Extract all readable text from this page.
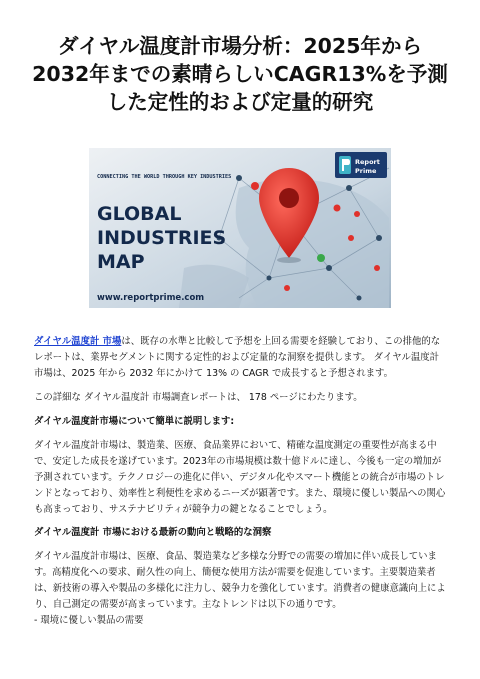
ダイヤル温度計市場分析：2025年から2032年までの素晴らしいCAGR13%を予測した定性的および定量的研究
Report
Prime
CONNECTING THE WORLD THROUGH KEY INDUSTRIES
GLOBAL
INDUSTRIES
MAP
www.reportprime.com

ダイヤル温度計 市場は、既存の水準と比較して予想を上回る需要を経験しており、この排他的なレポートは、業界セグメントに関する定性的および定量的な洞察を提供します。 ダイヤル温度計 市場は、2025 年から 2032 年にかけて 13% の CAGR で成長すると予想されます。

この詳細な ダイヤル温度計 市場調査レポートは、 178 ページにわたります。

ダイヤル温度計市場について簡単に説明します:

ダイヤル温度計市場は、製造業、医療、食品業界において、精確な温度測定の重要性が高まる中で、安定した成長を遂げています。2023年の市場規模は数十億ドルに達し、今後も一定の増加が予測されています。テクノロジーの進化に伴い、デジタル化やスマート機能との統合が市場のトレンドとなっており、効率性と利便性を求めるニーズが顕著です。また、環境に優しい製品への関心も高まっており、サステナビリティが競争力の鍵となることでしょう。

ダイヤル温度計 市場における最新の動向と戦略的な洞察

ダイヤル温度計市場は、医療、食品、製造業など多様な分野での需要の増加に伴い成長しています。高精度化への要求、耐久性の向上、簡便な使用方法が需要を促進しています。主要製造業者は、新技術の導入や製品の多様化に注力し、競争力を強化しています。消費者の健康意識向上により、自己測定の需要が高まっています。主なトレンドは以下の通りです。

- 環境に優しい製品の需要
